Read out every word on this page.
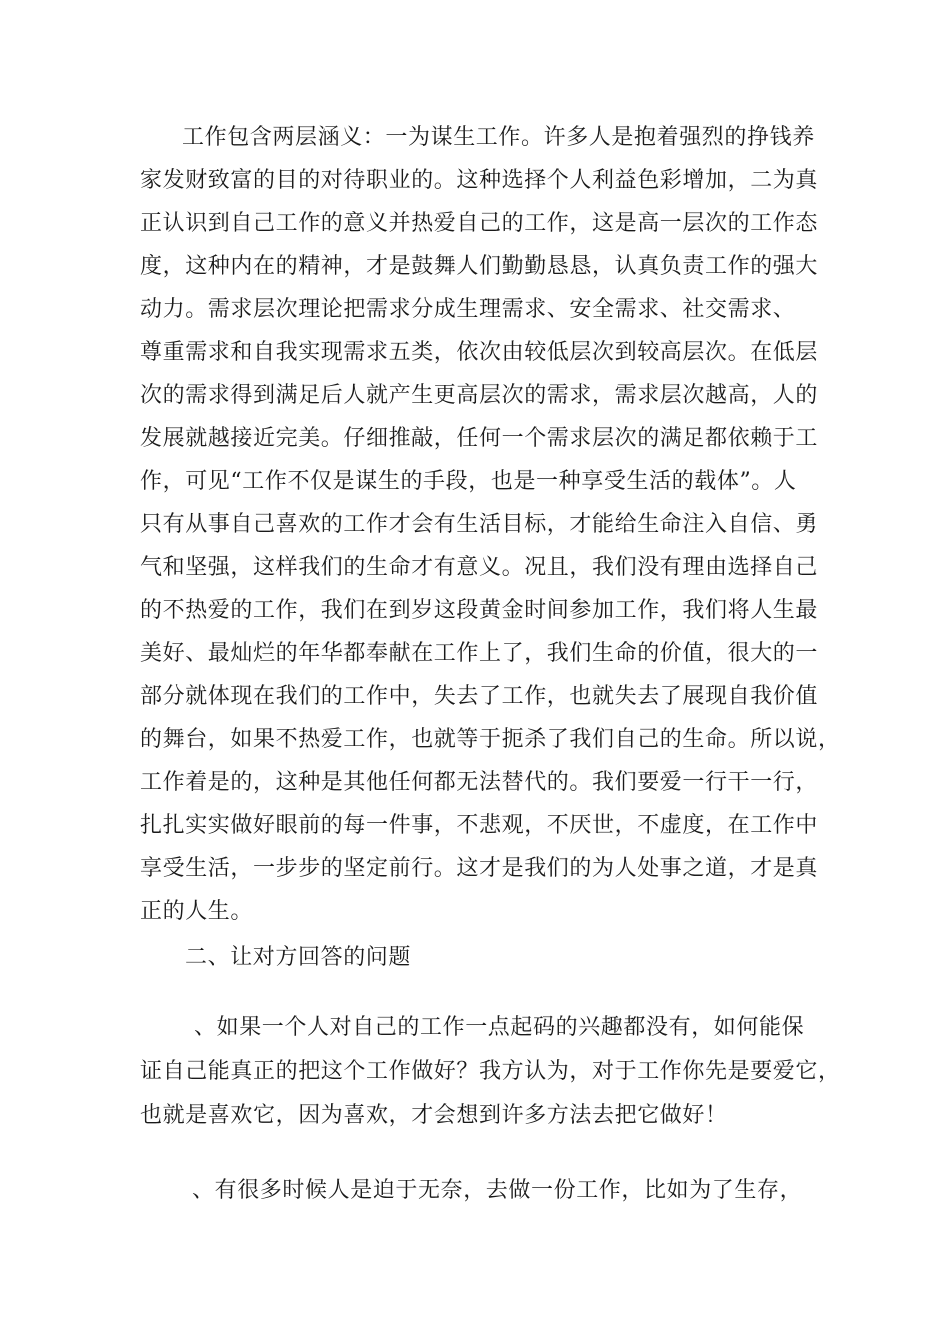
工作包含两层涵义：一为谋生工作。许多人是抱着强烈的挣钱养
家发财致富的目的对待职业的。这种选择个人利益色彩增加，二为真
正认识到自己工作的意义并热爱自己的工作，这是高一层次的工作态
度，这种内在的精神，才是鼓舞人们勤勤恳恳，认真负责工作的强大
动力。需求层次理论把需求分成生理需求、安全需求、社交需求、
尊重需求和自我实现需求五类，依次由较低层次到较高层次。在低层
次的需求得到满足后人就产生更高层次的需求，需求层次越高，人的
发展就越接近完美。仔细推敲，任何一个需求层次的满足都依赖于工
作，可见“工作不仅是谋生的手段，也是一种享受生活的载体”。人
只有从事自己喜欢的工作才会有生活目标，才能给生命注入自信、勇
气和坚强，这样我们的生命才有意义。况且，我们没有理由选择自己
的不热爱的工作，我们在到岁这段黄金时间参加工作，我们将人生最
美好、最灿烂的年华都奉献在工作上了，我们生命的价值，很大的一
部分就体现在我们的工作中，失去了工作，也就失去了展现自我价值
的舞台，如果不热爱工作，也就等于扼杀了我们自己的生命。所以说，
工作着是的，这种是其他任何都无法替代的。我们要爱一行干一行，
扎扎实实做好眼前的每一件事，不悲观，不厌世，不虚度，在工作中
享受生活，一步步的坚定前行。这才是我们的为人处事之道，才是真
正的人生。
二、让对方回答的问题
、如果一个人对自己的工作一点起码的兴趣都没有，如何能保
证自己能真正的把这个工作做好？我方认为，对于工作你先是要爱它，
也就是喜欢它，因为喜欢，才会想到许多方法去把它做好！
、有很多时候人是迫于无奈，去做一份工作，比如为了生存，
